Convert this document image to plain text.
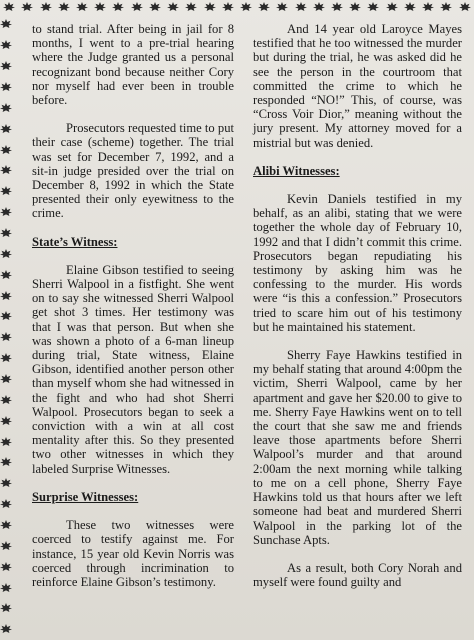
to stand trial. After being in jail for 8 months, I went to a pre-trial hearing where the Judge granted us a personal recognizant bond because neither Cory nor myself had ever been in trouble before.

Prosecutors requested time to put their case (scheme) together. The trial was set for December 7, 1992, and a sit-in judge presided over the trial on December 8, 1992 in which the State presented their only eyewitness to the crime.

State’s Witness:

Elaine Gibson testified to seeing Sherri Walpool in a fistfight. She went on to say she witnessed Sherri Walpool get shot 3 times. Her testimony was that I was that person. But when she was shown a photo of a 6-man lineup during trial, State witness, Elaine Gibson, identified another person other than myself whom she had witnessed in the fight and who had shot Sherri Walpool. Prosecutors began to seek a conviction with a win at all cost mentality after this. So they presented two other witnesses in which they labeled Surprise Witnesses.

Surprise Witnesses:

These two witnesses were coerced to testify against me. For instance, 15 year old Kevin Norris was coerced through incrimination to reinforce Elaine Gibson’s testimony.

And 14 year old Laroyce Mayes testified that he too witnessed the murder but during the trial, he was asked did he see the person in the courtroom that committed the crime to which he responded “NO!” This, of course, was “Cross Voir Dior,” meaning without the jury present. My attorney moved for a mistrial but was denied.

Alibi Witnesses:

Kevin Daniels testified in my behalf, as an alibi, stating that we were together the whole day of February 10, 1992 and that I didn’t commit this crime. Prosecutors began repudiating his testimony by asking him was he confessing to the murder. His words were “is this a confession.” Prosecutors tried to scare him out of his testimony but he maintained his statement.

Sherry Faye Hawkins testified in my behalf stating that around 4:00pm the victim, Sherri Walpool, came by her apartment and gave her $20.00 to give to me. Sherry Faye Hawkins went on to tell the court that she saw me and friends leave those apartments before Sherri Walpool’s murder and that around 2:00am the next morning while talking to me on a cell phone, Sherry Faye Hawkins told us that hours after we left someone had beat and murdered Sherri Walpool in the parking lot of the Sunchase Apts.

As a result, both Cory Norah and myself were found guilty and
